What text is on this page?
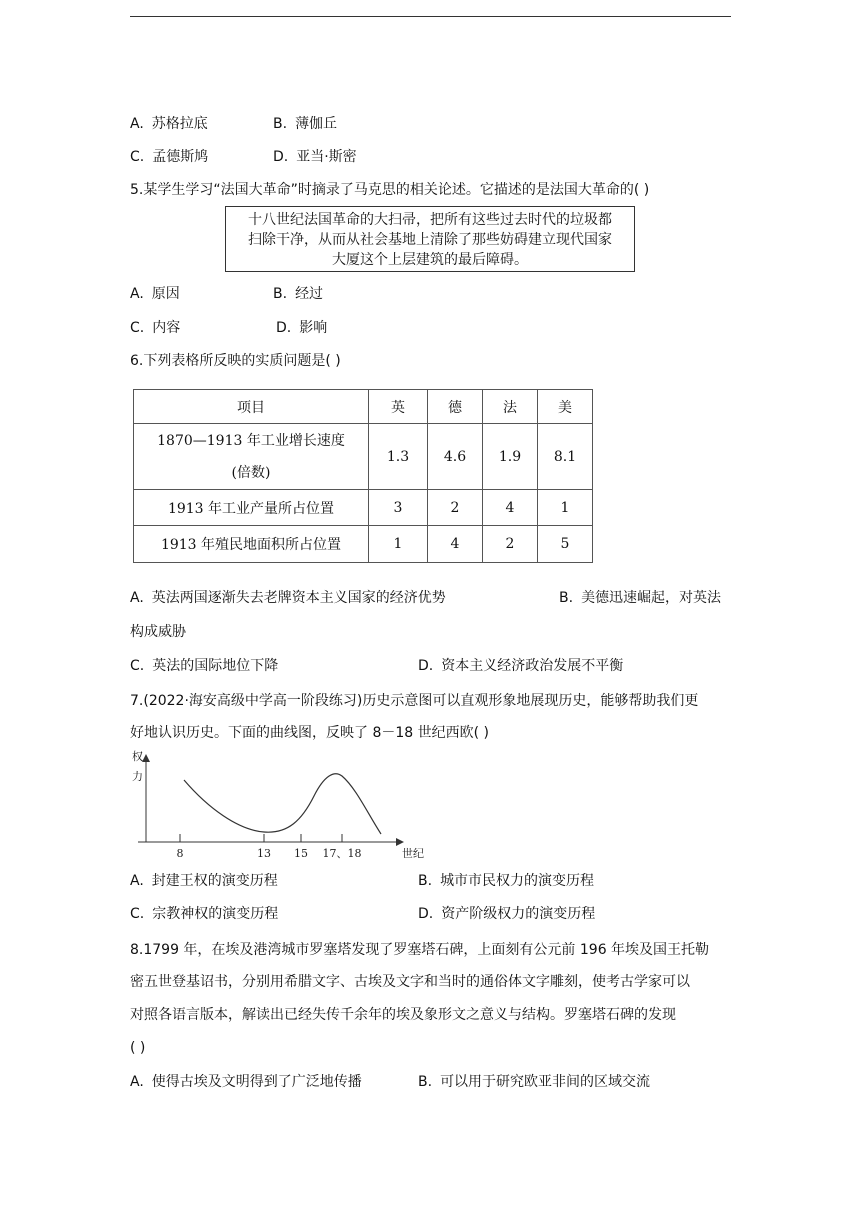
A. 苏格拉底	B. 薄伽丘
C. 孟德斯鸠	D. 亚当·斯密
5.某学生学习“法国大革命”时摘录了马克思的相关论述。它描述的是法国大革命的( )
十八世纪法国革命的大扫帚，把所有这些过去时代的垃圾都
扫除干净，从而从社会基地上清除了那些妨碍建立现代国家
大厦这个上层建筑的最后障碍。
A. 原因	B. 经过
C. 内容	D. 影响
6.下列表格所反映的实质问题是( )
项目	英	德	法	美

1870—1913 年工业增长速度
(倍数)	1.3	4.6	1.9	8.1
1913 年工业产量所占位置	3	2	4	1
1913 年殖民地面积所占位置	1	4	2	5
A. 英法两国逐渐失去老牌资本主义国家的经济优势	B. 美德迅速崛起，对英法
构成威胁
C. 英法的国际地位下降	D. 资本主义经济政治发展不平衡
7.(2022·海安高级中学高一阶段练习)历史示意图可以直观形象地展现历史，能够帮助我们更
好地认识历史。下面的曲线图，反映了 8－18 世纪西欧( )
权
力
8	13 15 17、18	世纪
A. 封建王权的演变历程	B. 城市市民权力的演变历程
C. 宗教神权的演变历程	D. 资产阶级权力的演变历程
8.1799 年，在埃及港湾城市罗塞塔发现了罗塞塔石碑，上面刻有公元前 196 年埃及国王托勒
密五世登基诏书，分别用希腊文字、古埃及文字和当时的通俗体文字雕刻，使考古学家可以
对照各语言版本，解读出已经失传千余年的埃及象形文之意义与结构。罗塞塔石碑的发现
( )
A. 使得古埃及文明得到了广泛地传播	B. 可以用于研究欧亚非间的区域交流
